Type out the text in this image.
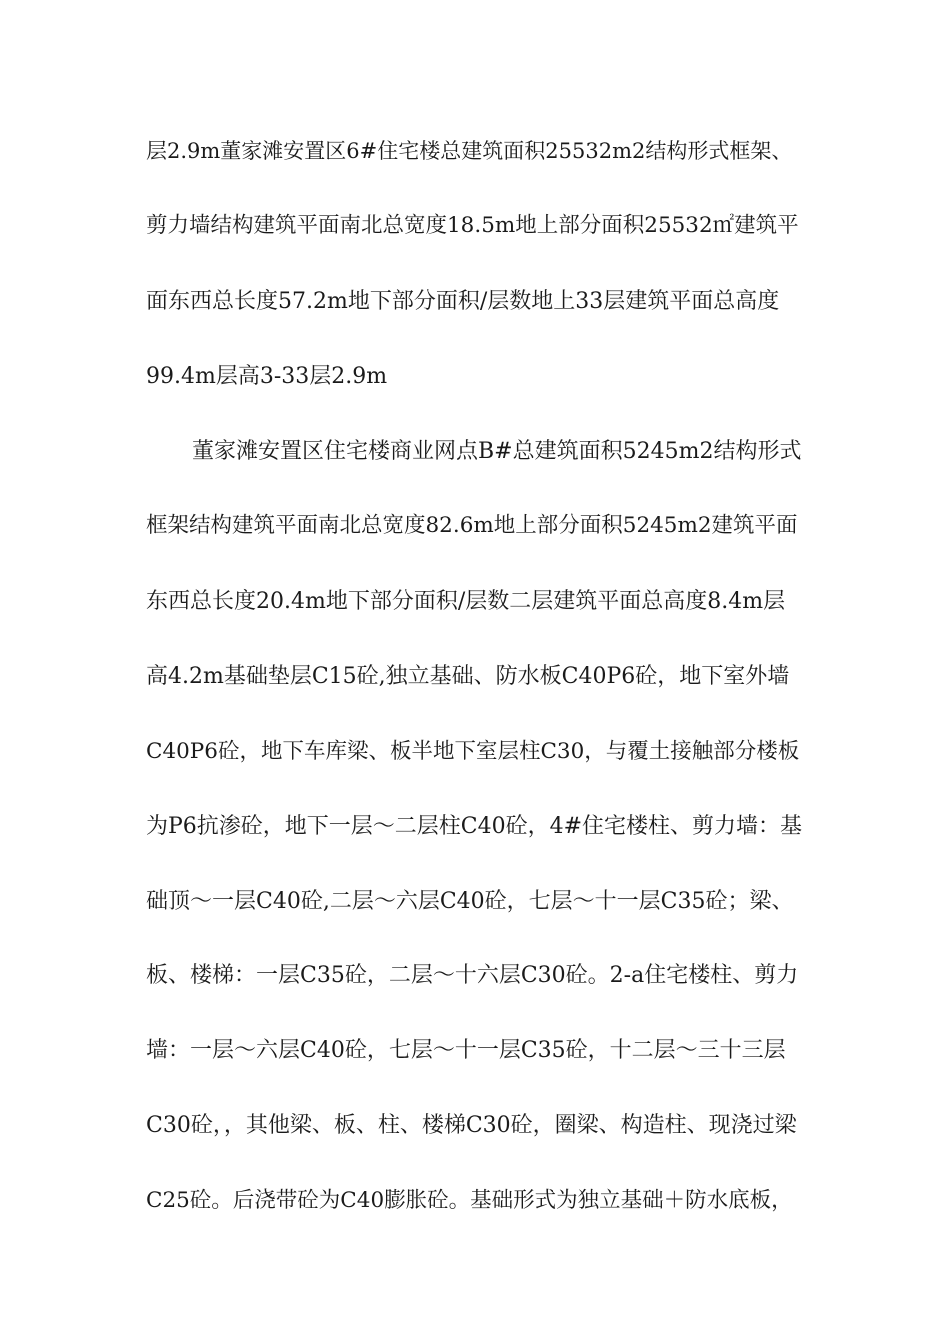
层2.9m董家滩安置区6#住宅楼总建筑面积25532m2结构形式框架、
剪力墙结构建筑平面南北总宽度18.5m地上部分面积25532㎡建筑平
面东西总长度57.2m地下部分面积/层数地上33层建筑平面总高度
99.4m层高3-33层2.9m
董家滩安置区住宅楼商业网点B#总建筑面积5245m2结构形式
框架结构建筑平面南北总宽度82.6m地上部分面积5245m2建筑平面
东西总长度20.4m地下部分面积/层数二层建筑平面总高度8.4m层
高4.2m基础垫层C15砼,独立基础、防水板C40P6砼，地下室外墙
C40P6砼，地下车库梁、板半地下室层柱C30，与覆土接触部分楼板
为P6抗渗砼，地下一层～二层柱C40砼，4#住宅楼柱、剪力墙：基
础顶～一层C40砼,二层～六层C40砼，七层～十一层C35砼；梁、
板、楼梯：一层C35砼，二层～十六层C30砼。2-a住宅楼柱、剪力
墙：一层～六层C40砼，七层～十一层C35砼，十二层～三十三层
C30砼，，其他梁、板、柱、楼梯C30砼，圈梁、构造柱、现浇过梁
C25砼。后浇带砼为C40膨胀砼。基础形式为独立基础＋防水底板，
